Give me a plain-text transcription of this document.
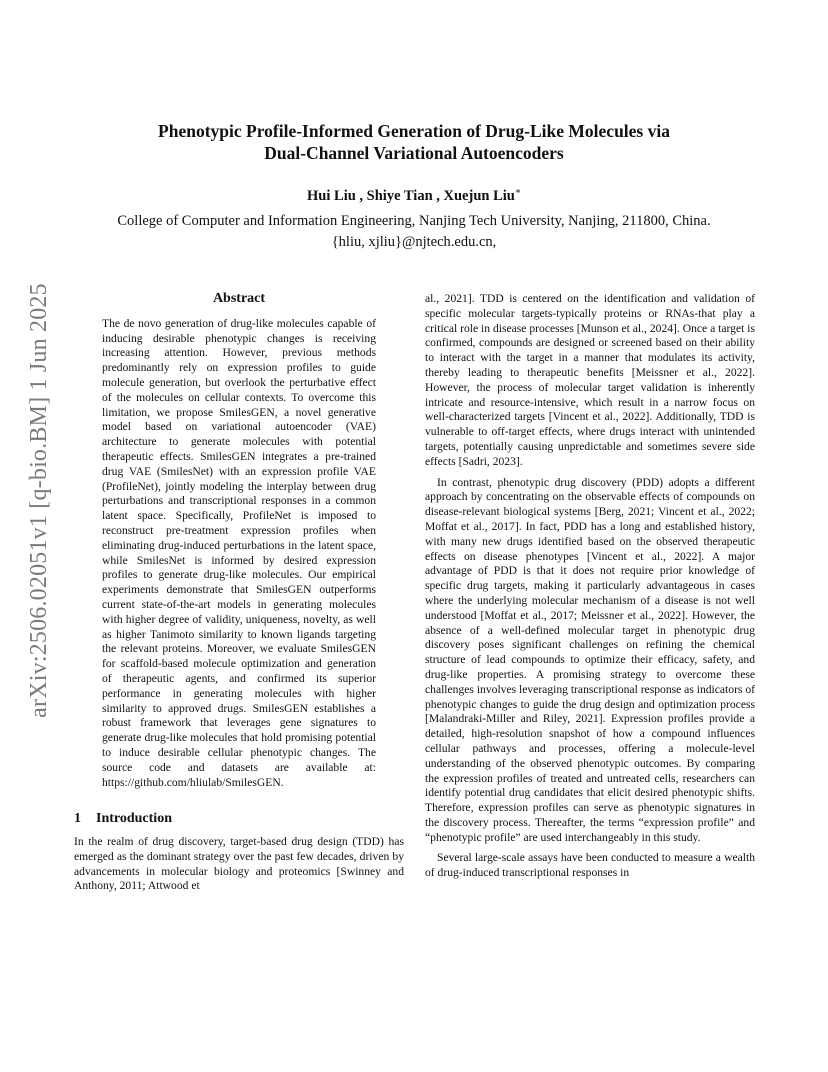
arXiv:2506.02051v1 [q-bio.BM] 1 Jun 2025
Phenotypic Profile-Informed Generation of Drug-Like Molecules via
Dual-Channel Variational Autoencoders
Hui Liu , Shiye Tian , Xuejun Liu∗
College of Computer and Information Engineering, Nanjing Tech University, Nanjing, 211800, China.
{hliu, xjliu}@njtech.edu.cn,
Abstract

The de novo generation of drug-like molecules capable of inducing desirable phenotypic changes is receiving increasing attention. However, previous methods predominantly rely on expression profiles to guide molecule generation, but overlook the perturbative effect of the molecules on cellular contexts. To overcome this limitation, we propose SmilesGEN, a novel generative model based on variational autoencoder (VAE) architecture to generate molecules with potential therapeutic effects. SmilesGEN integrates a pre-trained drug VAE (SmilesNet) with an expression profile VAE (ProfileNet), jointly modeling the interplay between drug perturbations and transcriptional responses in a common latent space. Specifically, ProfileNet is imposed to reconstruct pre-treatment expression profiles when eliminating drug-induced perturbations in the latent space, while SmilesNet is informed by desired expression profiles to generate drug-like molecules. Our empirical experiments demonstrate that SmilesGEN outperforms current state-of-the-art models in generating molecules with higher degree of validity, uniqueness, novelty, as well as higher Tanimoto similarity to known ligands targeting the relevant proteins. Moreover, we evaluate SmilesGEN for scaffold-based molecule optimization and generation of therapeutic agents, and confirmed its superior performance in generating molecules with higher similarity to approved drugs. SmilesGEN establishes a robust framework that leverages gene signatures to generate drug-like molecules that hold promising potential to induce desirable cellular phenotypic changes. The source code and datasets are available at: https://github.com/hliulab/SmilesGEN.

1 Introduction

In the realm of drug discovery, target-based drug design (TDD) has emerged as the dominant strategy over the past few decades, driven by advancements in molecular biology and proteomics [Swinney and Anthony, 2011; Attwood et

al., 2021]. TDD is centered on the identification and validation of specific molecular targets-typically proteins or RNAs-that play a critical role in disease processes [Munson et al., 2024]. Once a target is confirmed, compounds are designed or screened based on their ability to interact with the target in a manner that modulates its activity, thereby leading to therapeutic benefits [Meissner et al., 2022]. However, the process of molecular target validation is inherently intricate and resource-intensive, which result in a narrow focus on well-characterized targets [Vincent et al., 2022]. Additionally, TDD is vulnerable to off-target effects, where drugs interact with unintended targets, potentially causing unpredictable and sometimes severe side effects [Sadri, 2023].

In contrast, phenotypic drug discovery (PDD) adopts a different approach by concentrating on the observable effects of compounds on disease-relevant biological systems [Berg, 2021; Vincent et al., 2022; Moffat et al., 2017]. In fact, PDD has a long and established history, with many new drugs identified based on the observed therapeutic effects on disease phenotypes [Vincent et al., 2022]. A major advantage of PDD is that it does not require prior knowledge of specific drug targets, making it particularly advantageous in cases where the underlying molecular mechanism of a disease is not well understood [Moffat et al., 2017; Meissner et al., 2022]. However, the absence of a well-defined molecular target in phenotypic drug discovery poses significant challenges on refining the chemical structure of lead compounds to optimize their efficacy, safety, and drug-like properties. A promising strategy to overcome these challenges involves leveraging transcriptional response as indicators of phenotypic changes to guide the drug design and optimization process [Malandraki-Miller and Riley, 2021]. Expression profiles provide a detailed, high-resolution snapshot of how a compound influences cellular pathways and processes, offering a molecule-level understanding of the observed phenotypic outcomes. By comparing the expression profiles of treated and untreated cells, researchers can identify potential drug candidates that elicit desired phenotypic shifts. Therefore, expression profiles can serve as phenotypic signatures in the discovery process. Thereafter, the terms “expression profile” and “phenotypic profile” are used interchangeably in this study.

Several large-scale assays have been conducted to measure a wealth of drug-induced transcriptional responses in
